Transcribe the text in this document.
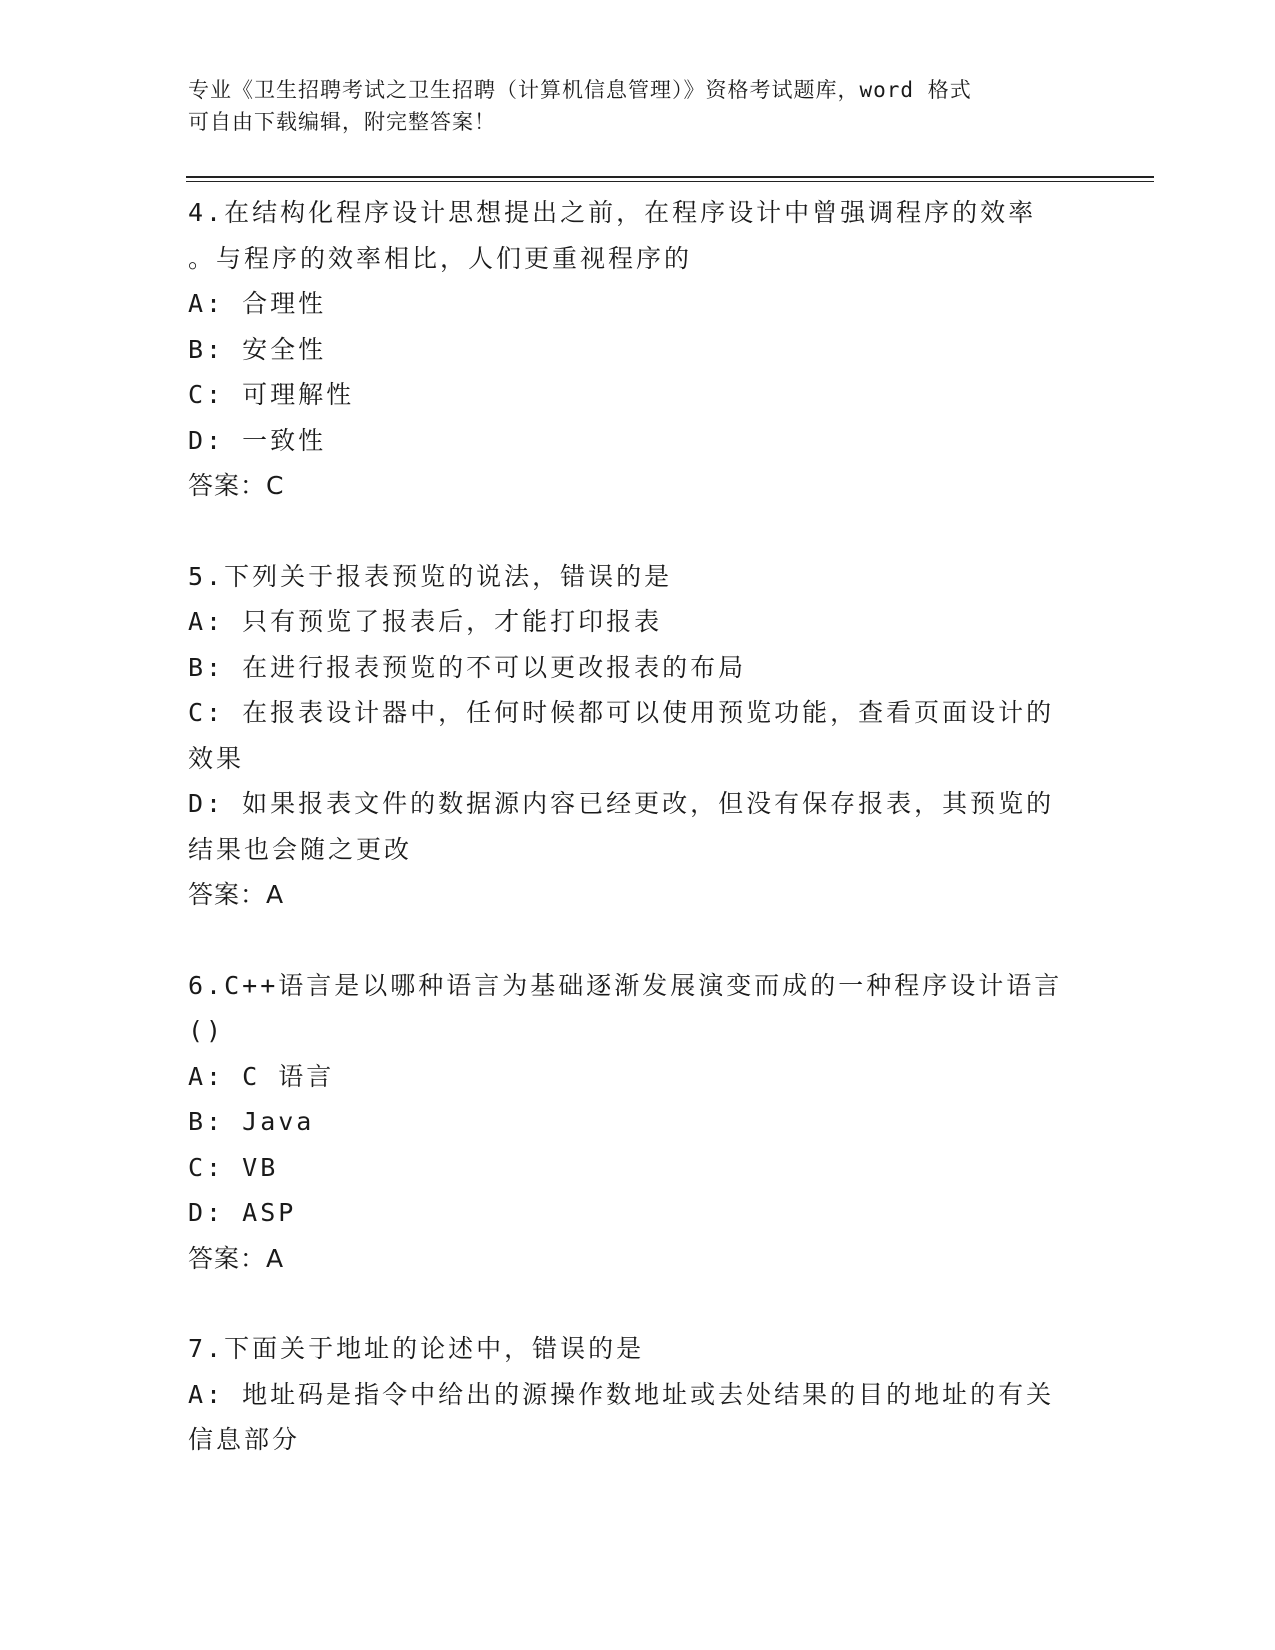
专业《卫生招聘考试之卫生招聘（计算机信息管理）》资格考试题库，word 格式
可自由下载编辑，附完整答案！
4.在结构化程序设计思想提出之前，在程序设计中曾强调程序的效率
。与程序的效率相比，人们更重视程序的
A: 合理性
B: 安全性
C: 可理解性
D: 一致性
答案：C
5.下列关于报表预览的说法，错误的是
A: 只有预览了报表后，才能打印报表
B: 在进行报表预览的不可以更改报表的布局
C: 在报表设计器中，任何时候都可以使用预览功能，查看页面设计的
效果
D: 如果报表文件的数据源内容已经更改，但没有保存报表，其预览的
结果也会随之更改
答案：A
6.C++语言是以哪种语言为基础逐渐发展演变而成的一种程序设计语言
()
A: C 语言
B: Java
C: VB
D: ASP
答案：A
7.下面关于地址的论述中，错误的是
A: 地址码是指令中给出的源操作数地址或去处结果的目的地址的有关
信息部分
